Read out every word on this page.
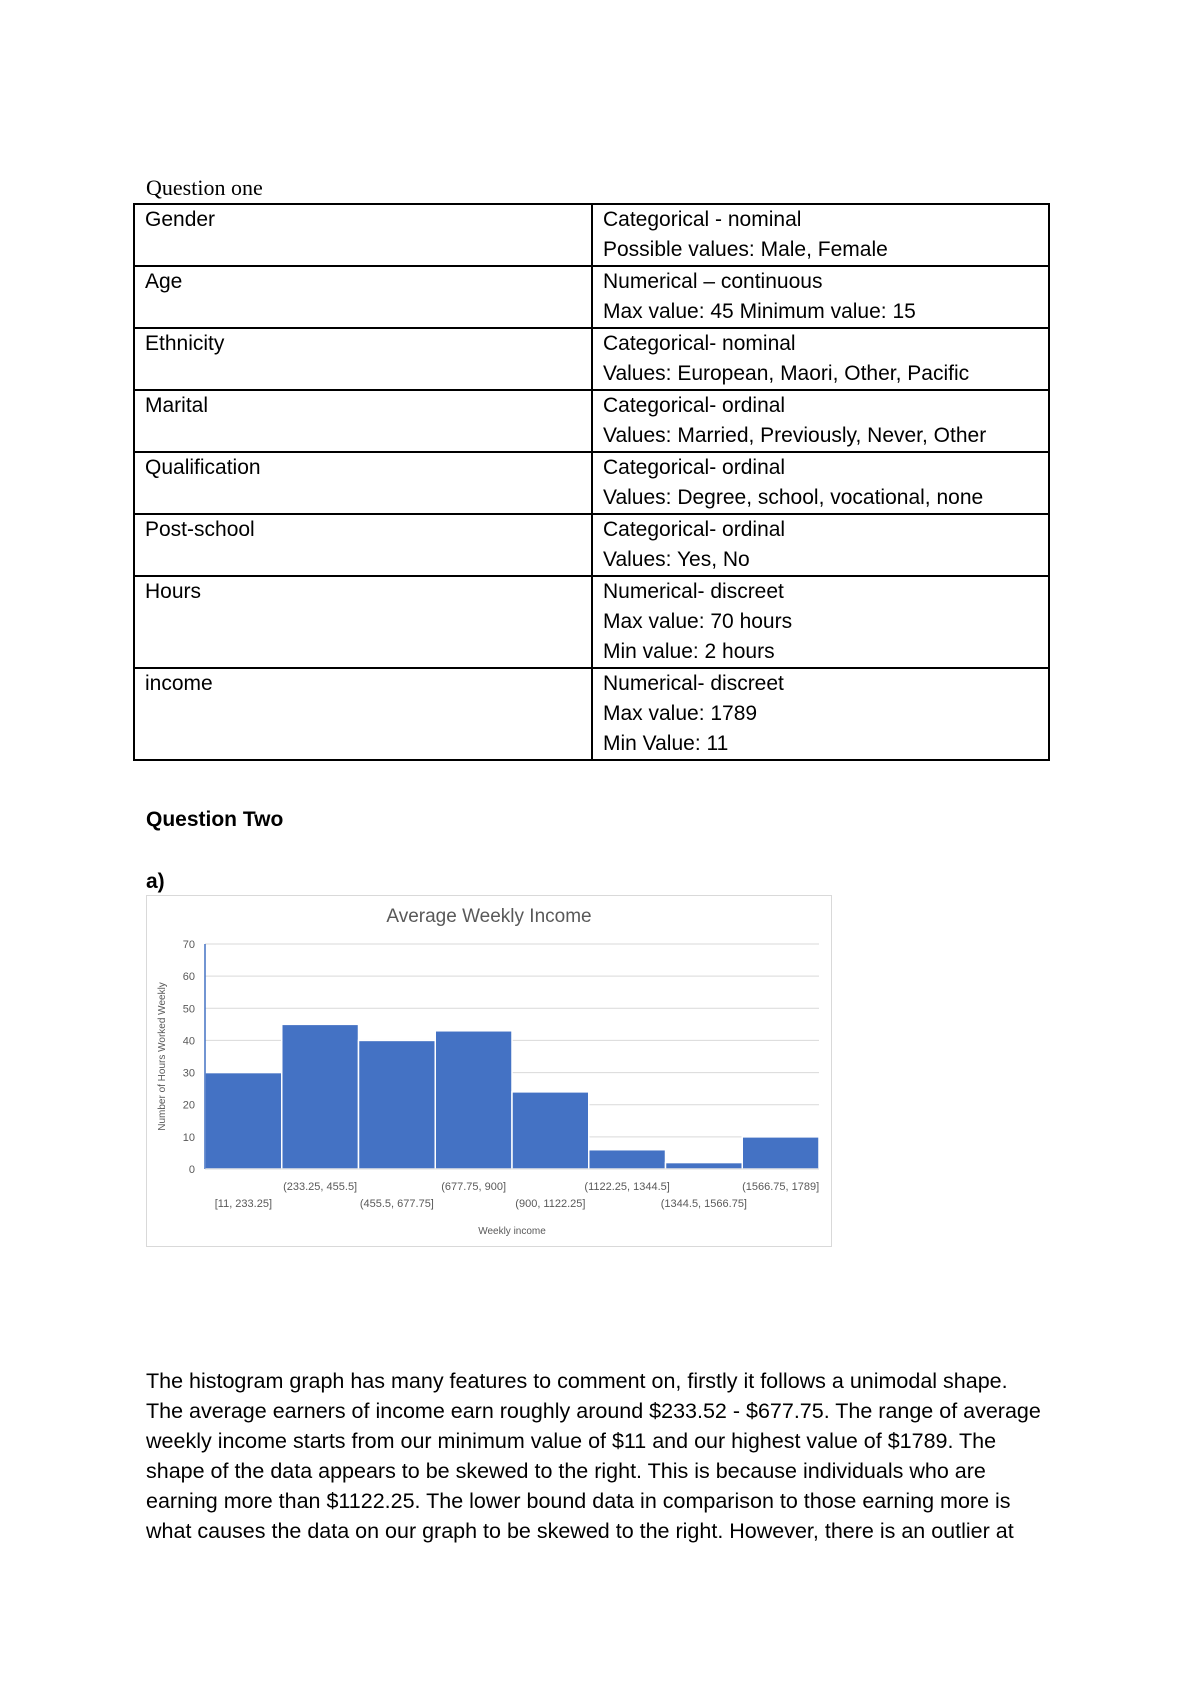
Question one
Gender	Categorical - nominal
Possible values: Male, Female

Age	Numerical – continuous
Max value: 45 Minimum value: 15

Ethnicity	Categorical- nominal
Values: European, Maori, Other, Pacific

Marital	Categorical- ordinal
Values: Married, Previously, Never, Other

Qualification	Categorical- ordinal
Values: Degree, school, vocational, none

Post-school	Categorical- ordinal
Values: Yes, No

Hours	Numerical- discreet
Max value: 70 hours
Min value: 2 hours

income	Numerical- discreet
Max value: 1789
Min Value: 11
Question Two
a)
Average Weekly Income
0
10
20
30
40
50
60
70
[11, 233.25]
(233.25, 455.5]
(455.5, 677.75]
(677.75, 900]
(900, 1122.25]
(1122.25, 1344.5]
(1344.5, 1566.75]
(1566.75, 1789]
Weekly income
Number of Hours Worked Weekly
The histogram graph has many features to comment on, firstly it follows a unimodal shape.
The average earners of income earn roughly around $233.52 - $677.75. The range of average
weekly income starts from our minimum value of $11 and our highest value of $1789. The
shape of the data appears to be skewed to the right. This is because individuals who are
earning more than $1122.25. The lower bound data in comparison to those earning more is
what causes the data on our graph to be skewed to the right. However, there is an outlier at
